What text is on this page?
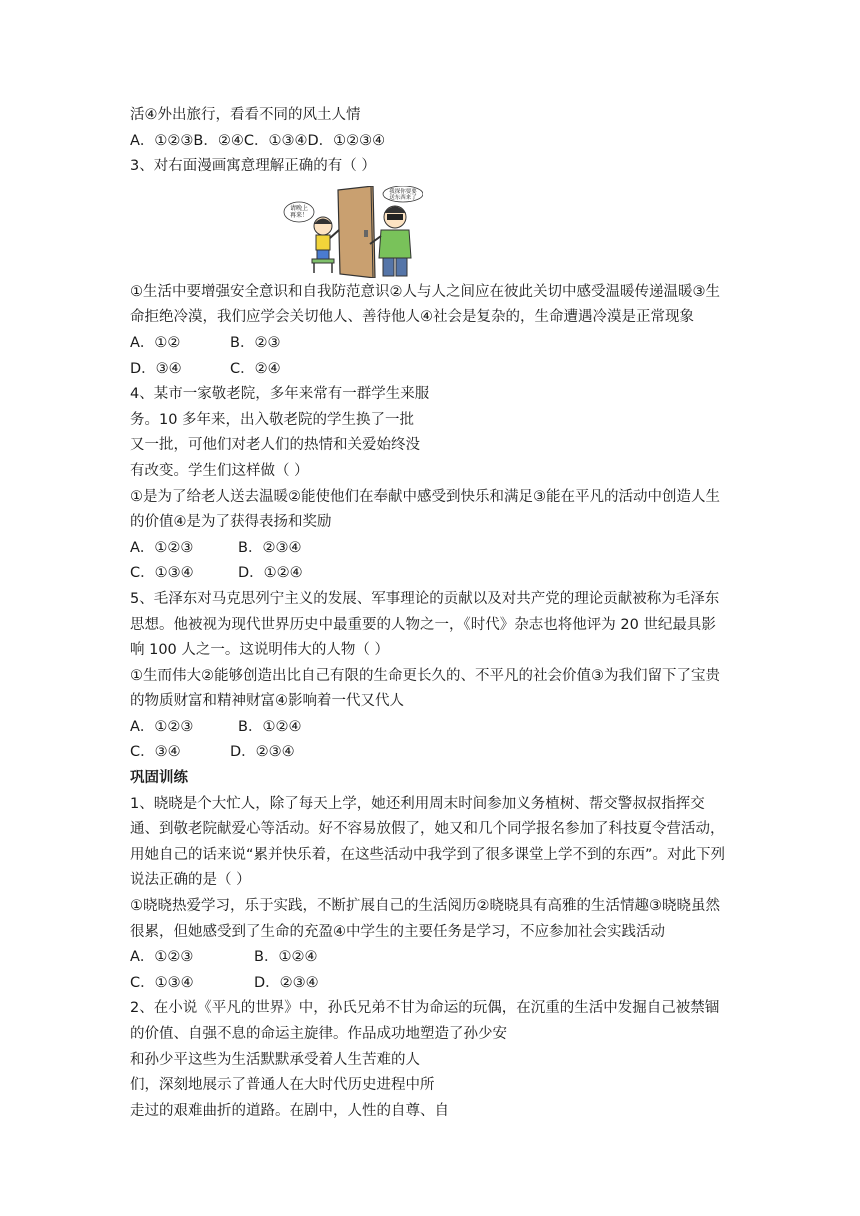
活④外出旅行，看看不同的风土人情
A．①②③B．②④C．①③④D．①②③④
3、对右面漫画寓意理解正确的有（ ）
请晚上
再来！
我探你要要
送东西来了
①生活中要增强安全意识和自我防范意识②人与人之间应在彼此关切中感受温暖传递温暖③生命拒绝冷漠，我们应学会关切他人、善待他人④社会是复杂的，生命遭遇冷漠是正常现象
A．①②	B．②③
D．③④	C．②④
4、某市一家敬老院，多年来常有一群学生来服
务。10 多年来，出入敬老院的学生换了一批
又一批，可他们对老人们的热情和关爱始终没
有改变。学生们这样做（ ）
①是为了给老人送去温暖②能使他们在奉献中感受到快乐和满足③能在平凡的活动中创造人生的价值④是为了获得表扬和奖励
A．①②③	B．②③④
C．①③④	D．①②④
5、毛泽东对马克思列宁主义的发展、军事理论的贡献以及对共产党的理论贡献被称为毛泽东思想。他被视为现代世界历史中最重要的人物之一，《时代》杂志也将他评为 20 世纪最具影响 100 人之一。这说明伟大的人物（ ）
①生而伟大②能够创造出比自己有限的生命更长久的、不平凡的社会价值③为我们留下了宝贵的物质财富和精神财富④影响着一代又代人
A．①②③	B．①②④
C．③④	D．②③④
巩固训练
1、晓晓是个大忙人，除了每天上学，她还利用周末时间参加义务植树、帮交警叔叔指挥交通、到敬老院献爱心等活动。好不容易放假了，她又和几个同学报名参加了科技夏令营活动，用她自己的话来说“累并快乐着，在这些活动中我学到了很多课堂上学不到的东西”。对此下列说法正确的是（ ）
①晓晓热爱学习，乐于实践，不断扩展自己的生活阅历②晓晓具有高雅的生活情趣③晓晓虽然
很累，但她感受到了生命的充盈④中学生的主要任务是学习，不应参加社会实践活动
A．①②③	B．①②④
C．①③④	D．②③④
2、在小说《平凡的世界》中，孙氏兄弟不甘为命运的玩偶，在沉重的生活中发掘自己被禁锢的价值、自强不息的命运主旋律。作品成功地塑造了孙少安
和孙少平这些为生活默默承受着人生苦难的人
们，深刻地展示了普通人在大时代历史进程中所
走过的艰难曲折的道路。在剧中，人性的自尊、自
